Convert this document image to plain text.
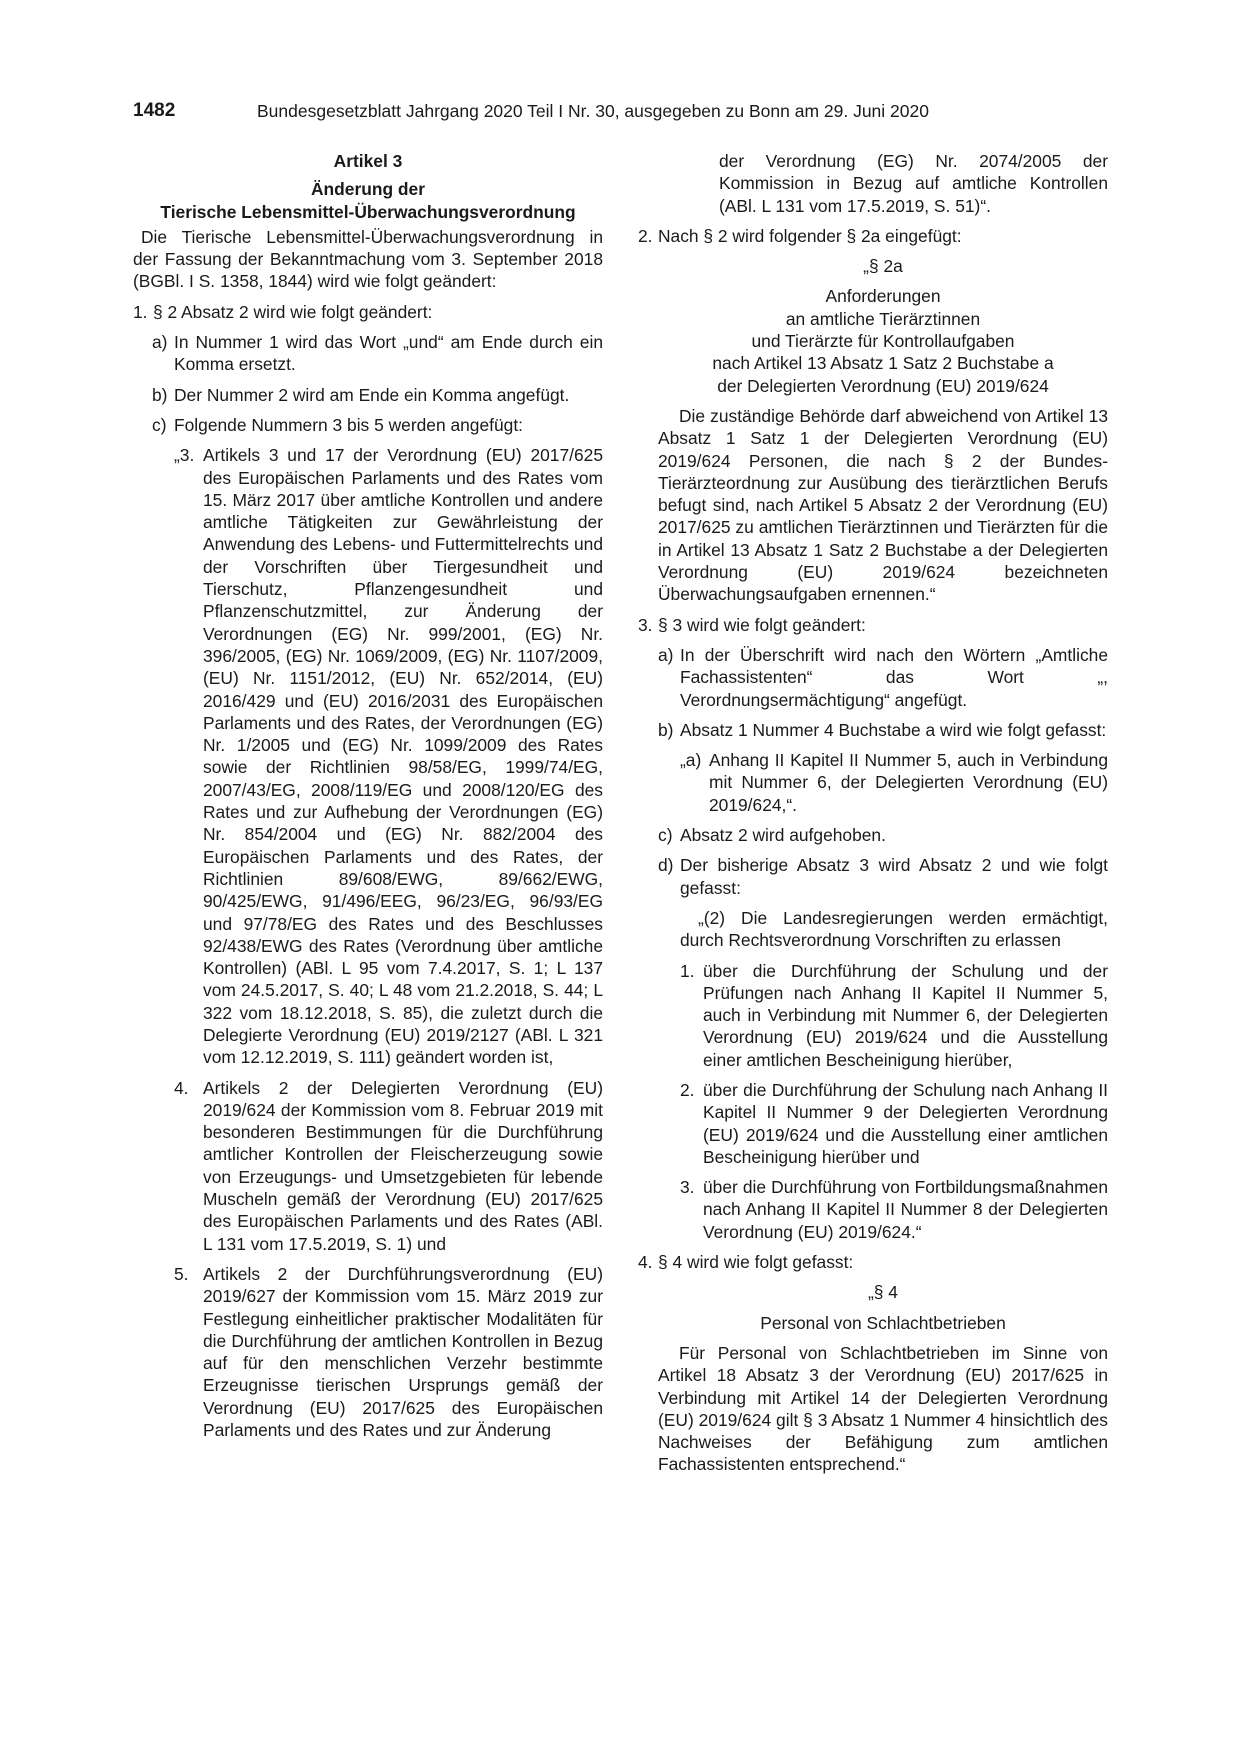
1482	Bundesgesetzblatt Jahrgang 2020 Teil I Nr. 30, ausgegeben zu Bonn am 29. Juni 2020

Artikel 3

Änderung der

Tierische Lebensmittel-Überwachungsverordnung

Die Tierische Lebensmittel-Überwachungsverordnung in der Fassung der Bekanntmachung vom 3. September 2018 (BGBl. I S. 1358, 1844) wird wie folgt geändert:

1. § 2 Absatz 2 wird wie folgt geändert:
a) In Nummer 1 wird das Wort „und“ am Ende durch ein Komma ersetzt.
b) Der Nummer 2 wird am Ende ein Komma angefügt.
c) Folgende Nummern 3 bis 5 werden angefügt:
„3. Artikels 3 und 17 der Verordnung (EU) 2017/625 des Europäischen Parlaments und des Rates vom 15. März 2017 über amtliche Kontrollen und andere amtliche Tätigkeiten zur Gewährleistung der Anwendung des Lebens- und Futtermittelrechts und der Vorschriften über Tiergesundheit und Tierschutz, Pflanzengesundheit und Pflanzenschutzmittel, zur Änderung der Verordnungen (EG) Nr. 999/2001, (EG) Nr. 396/2005, (EG) Nr. 1069/2009, (EG) Nr. 1107/2009, (EU) Nr. 1151/2012, (EU) Nr. 652/2014, (EU) 2016/429 und (EU) 2016/2031 des Europäischen Parlaments und des Rates, der Verordnungen (EG) Nr. 1/2005 und (EG) Nr. 1099/2009 des Rates sowie der Richtlinien 98/58/EG, 1999/74/EG, 2007/43/EG, 2008/119/EG und 2008/120/EG des Rates und zur Aufhebung der Verordnungen (EG) Nr. 854/2004 und (EG) Nr. 882/2004 des Europäischen Parlaments und des Rates, der Richtlinien 89/608/EWG, 89/662/EWG, 90/425/EWG, 91/496/EEG, 96/23/EG, 96/93/EG und 97/78/EG des Rates und des Beschlusses 92/438/EWG des Rates (Verordnung über amtliche Kontrollen) (ABl. L 95 vom 7.4.2017, S. 1; L 137 vom 24.5.2017, S. 40; L 48 vom 21.2.2018, S. 44; L 322 vom 18.12.2018, S. 85), die zuletzt durch die Delegierte Verordnung (EU) 2019/2127 (ABl. L 321 vom 12.12.2019, S. 111) geändert worden ist,
4. Artikels 2 der Delegierten Verordnung (EU) 2019/624 der Kommission vom 8. Februar 2019 mit besonderen Bestimmungen für die Durchführung amtlicher Kontrollen der Fleischerzeugung sowie von Erzeugungs- und Umsetzgebieten für lebende Muscheln gemäß der Verordnung (EU) 2017/625 des Europäischen Parlaments und des Rates (ABl. L 131 vom 17.5.2019, S. 1) und
5. Artikels 2 der Durchführungsverordnung (EU) 2019/627 der Kommission vom 15. März 2019 zur Festlegung einheitlicher praktischer Modalitäten für die Durchführung der amtlichen Kontrollen in Bezug auf für den menschlichen Verzehr bestimmte Erzeugnisse tierischen Ursprungs gemäß der Verordnung (EU) 2017/625 des Europäischen Parlaments und des Rates und zur Änderung

der Verordnung (EG) Nr. 2074/2005 der Kommission in Bezug auf amtliche Kontrollen (ABl. L 131 vom 17.5.2019, S. 51)“.

2. Nach § 2 wird folgender § 2a eingefügt:

„§ 2a

Anforderungen

an amtliche Tierärztinnen

und Tierärzte für Kontrollaufgaben

nach Artikel 13 Absatz 1 Satz 2 Buchstabe a

der Delegierten Verordnung (EU) 2019/624

Die zuständige Behörde darf abweichend von Artikel 13 Absatz 1 Satz 1 der Delegierten Verordnung (EU) 2019/624 Personen, die nach § 2 der Bundes-Tierärzteordnung zur Ausübung des tierärztlichen Berufs befugt sind, nach Artikel 5 Absatz 2 der Verordnung (EU) 2017/625 zu amtlichen Tierärztinnen und Tierärzten für die in Artikel 13 Absatz 1 Satz 2 Buchstabe a der Delegierten Verordnung (EU) 2019/624 bezeichneten Überwachungsaufgaben ernennen.“

3. § 3 wird wie folgt geändert:
a) In der Überschrift wird nach den Wörtern „Amtliche Fachassistenten“ das Wort „, Verordnungsermächtigung“ angefügt.
b) Absatz 1 Nummer 4 Buchstabe a wird wie folgt gefasst:
„a) Anhang II Kapitel II Nummer 5, auch in Verbindung mit Nummer 6, der Delegierten Verordnung (EU) 2019/624,“.
c) Absatz 2 wird aufgehoben.
d) Der bisherige Absatz 3 wird Absatz 2 und wie folgt gefasst:

„(2) Die Landesregierungen werden ermächtigt, durch Rechtsverordnung Vorschriften zu erlassen

1. über die Durchführung der Schulung und der Prüfungen nach Anhang II Kapitel II Nummer 5, auch in Verbindung mit Nummer 6, der Delegierten Verordnung (EU) 2019/624 und die Ausstellung einer amtlichen Bescheinigung hierüber,
2. über die Durchführung der Schulung nach Anhang II Kapitel II Nummer 9 der Delegierten Verordnung (EU) 2019/624 und die Ausstellung einer amtlichen Bescheinigung hierüber und
3. über die Durchführung von Fortbildungsmaßnahmen nach Anhang II Kapitel II Nummer 8 der Delegierten Verordnung (EU) 2019/624.“
4. § 4 wird wie folgt gefasst:

„§ 4

Personal von Schlachtbetrieben

Für Personal von Schlachtbetrieben im Sinne von Artikel 18 Absatz 3 der Verordnung (EU) 2017/625 in Verbindung mit Artikel 14 der Delegierten Verordnung (EU) 2019/624 gilt § 3 Absatz 1 Nummer 4 hinsichtlich des Nachweises der Befähigung zum amtlichen Fachassistenten entsprechend.“
